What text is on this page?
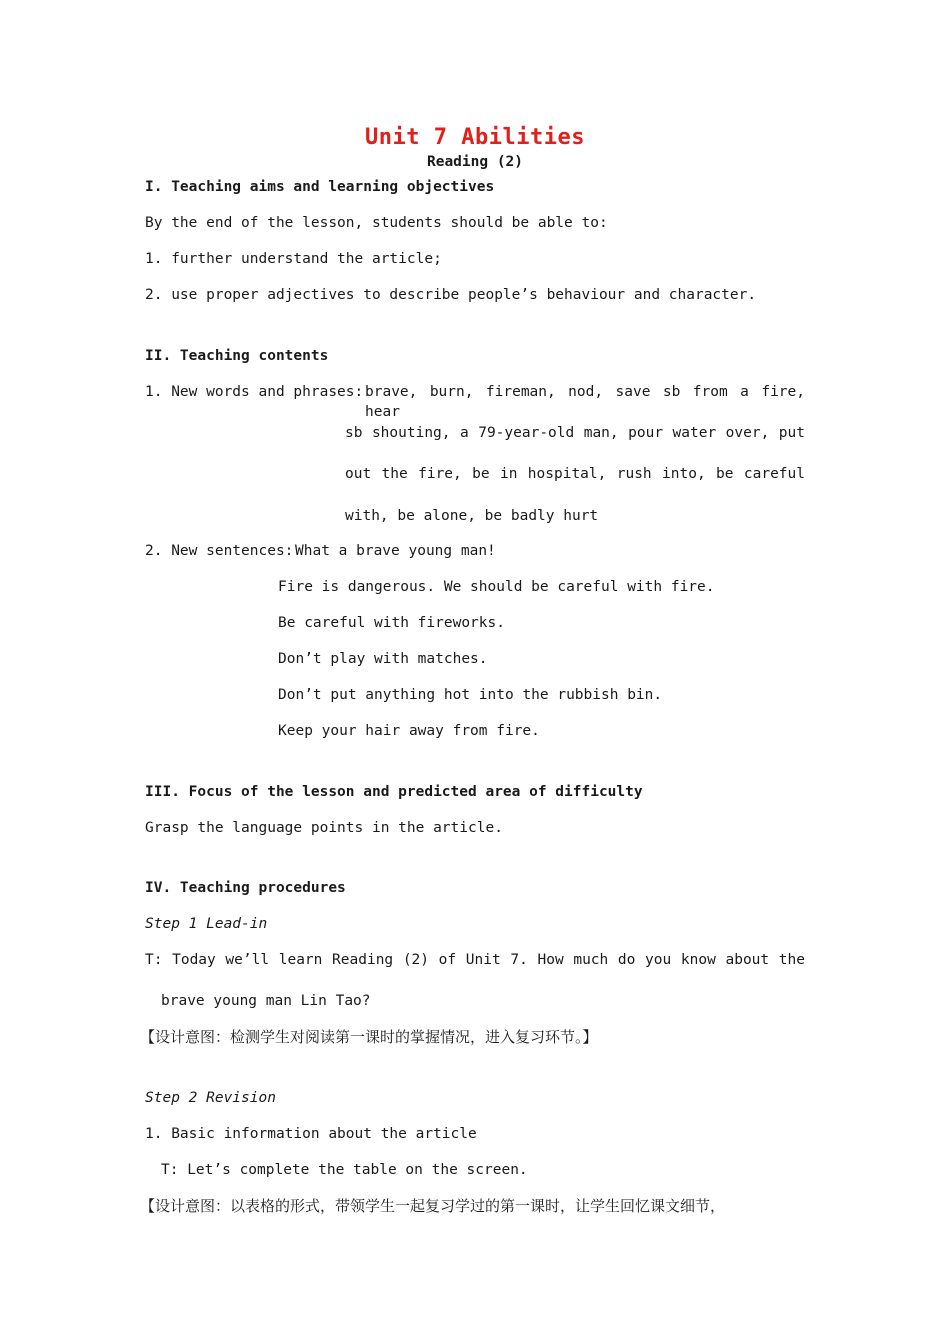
Unit 7 Abilities
Reading (2)
I. Teaching aims and learning objectives
By the end of the lesson, students should be able to:
1. further understand the article;
2. use proper adjectives to describe people’s behaviour and character.
II. Teaching contents
1. New words and phrases: brave, burn, fireman, nod, save sb from a fire, hear
sb shouting, a 79-year-old man, pour water over, put
out the fire, be in hospital, rush into, be careful
with, be alone, be badly hurt
2. New sentences: What a brave young man!
Fire is dangerous. We should be careful with fire.
Be careful with fireworks.
Don’t play with matches.
Don’t put anything hot into the rubbish bin.
Keep your hair away from fire.
III. Focus of the lesson and predicted area of difficulty
Grasp the language points in the article.
IV. Teaching procedures
Step 1 Lead-in
T: Today we’ll learn Reading (2) of Unit 7. How much do you know about the
brave young man Lin Tao?
【设计意图：检测学生对阅读第一课时的掌握情况，进入复习环节。】
Step 2 Revision
1. Basic information about the article
T: Let’s complete the table on the screen.
【设计意图：以表格的形式，带领学生一起复习学过的第一课时，让学生回忆课文细节，
